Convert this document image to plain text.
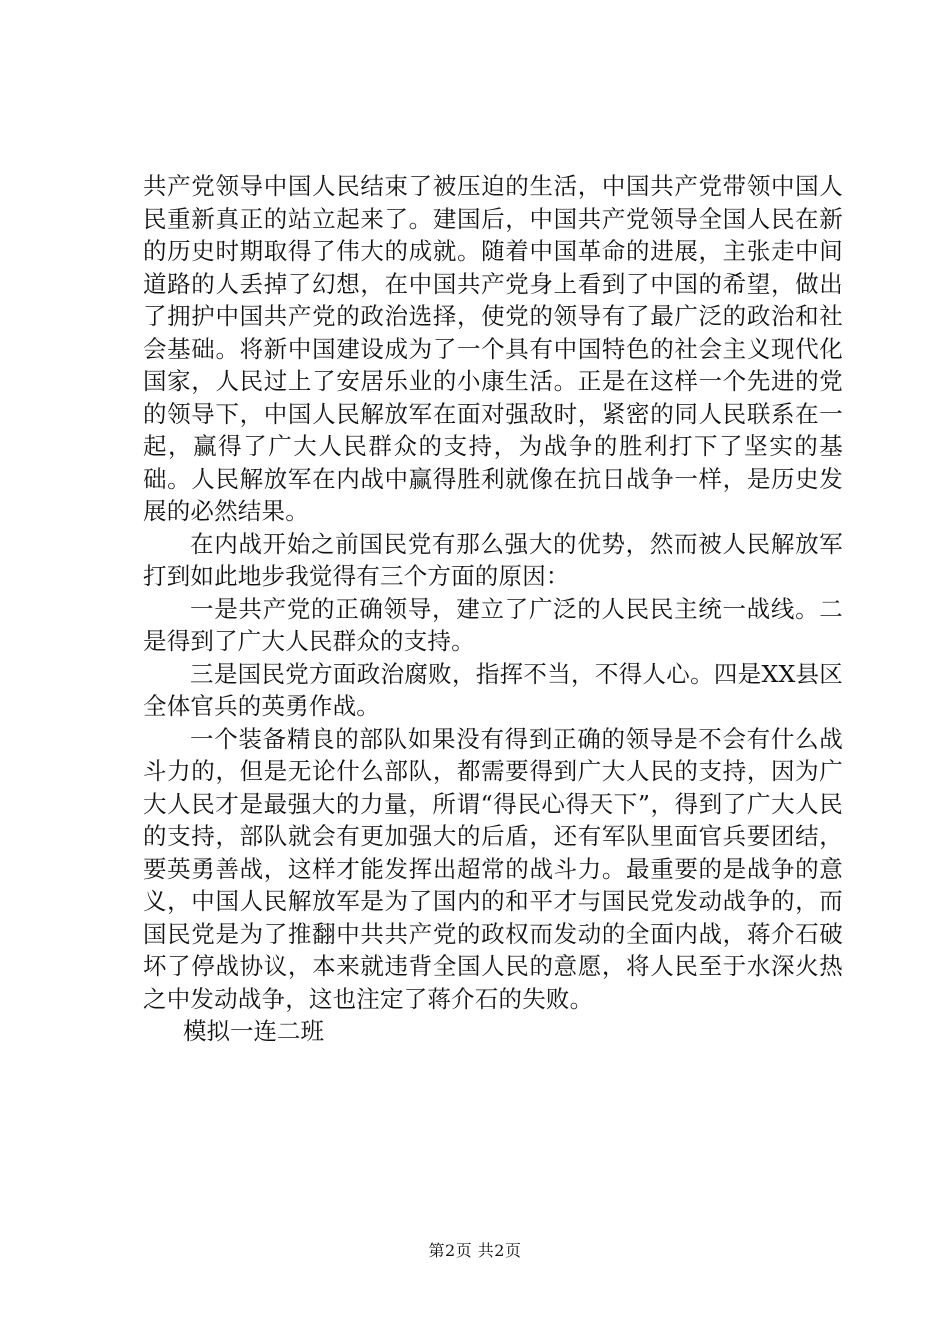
共产党领导中国人民结束了被压迫的生活，中国共产党带领中国人民重新真正的站立起来了。建国后，中国共产党领导全国人民在新的历史时期取得了伟大的成就。随着中国革命的进展，主张走中间道路的人丢掉了幻想，在中国共产党身上看到了中国的希望，做出了拥护中国共产党的政治选择，使党的领导有了最广泛的政治和社会基础。将新中国建设成为了一个具有中国特色的社会主义现代化国家，人民过上了安居乐业的小康生活。正是在这样一个先进的党的领导下，中国人民解放军在面对强敌时，紧密的同人民联系在一起，赢得了广大人民群众的支持，为战争的胜利打下了坚实的基础。人民解放军在内战中赢得胜利就像在抗日战争一样，是历史发展的必然结果。

在内战开始之前国民党有那么强大的优势，然而被人民解放军打到如此地步我觉得有三个方面的原因：

一是共产党的正确领导，建立了广泛的人民民主统一战线。二是得到了广大人民群众的支持。

三是国民党方面政治腐败，指挥不当，不得人心。四是XX县区全体官兵的英勇作战。

一个装备精良的部队如果没有得到正确的领导是不会有什么战斗力的，但是无论什么部队，都需要得到广大人民的支持，因为广大人民才是最强大的力量，所谓“得民心得天下”，得到了广大人民的支持，部队就会有更加强大的后盾，还有军队里面官兵要团结，要英勇善战，这样才能发挥出超常的战斗力。最重要的是战争的意义，中国人民解放军是为了国内的和平才与国民党发动战争的，而国民党是为了推翻中共共产党的政权而发动的全面内战，蒋介石破坏了停战协议，本来就违背全国人民的意愿，将人民至于水深火热之中发动战争，这也注定了蒋介石的失败。

模拟一连二班

第2页 共2页
